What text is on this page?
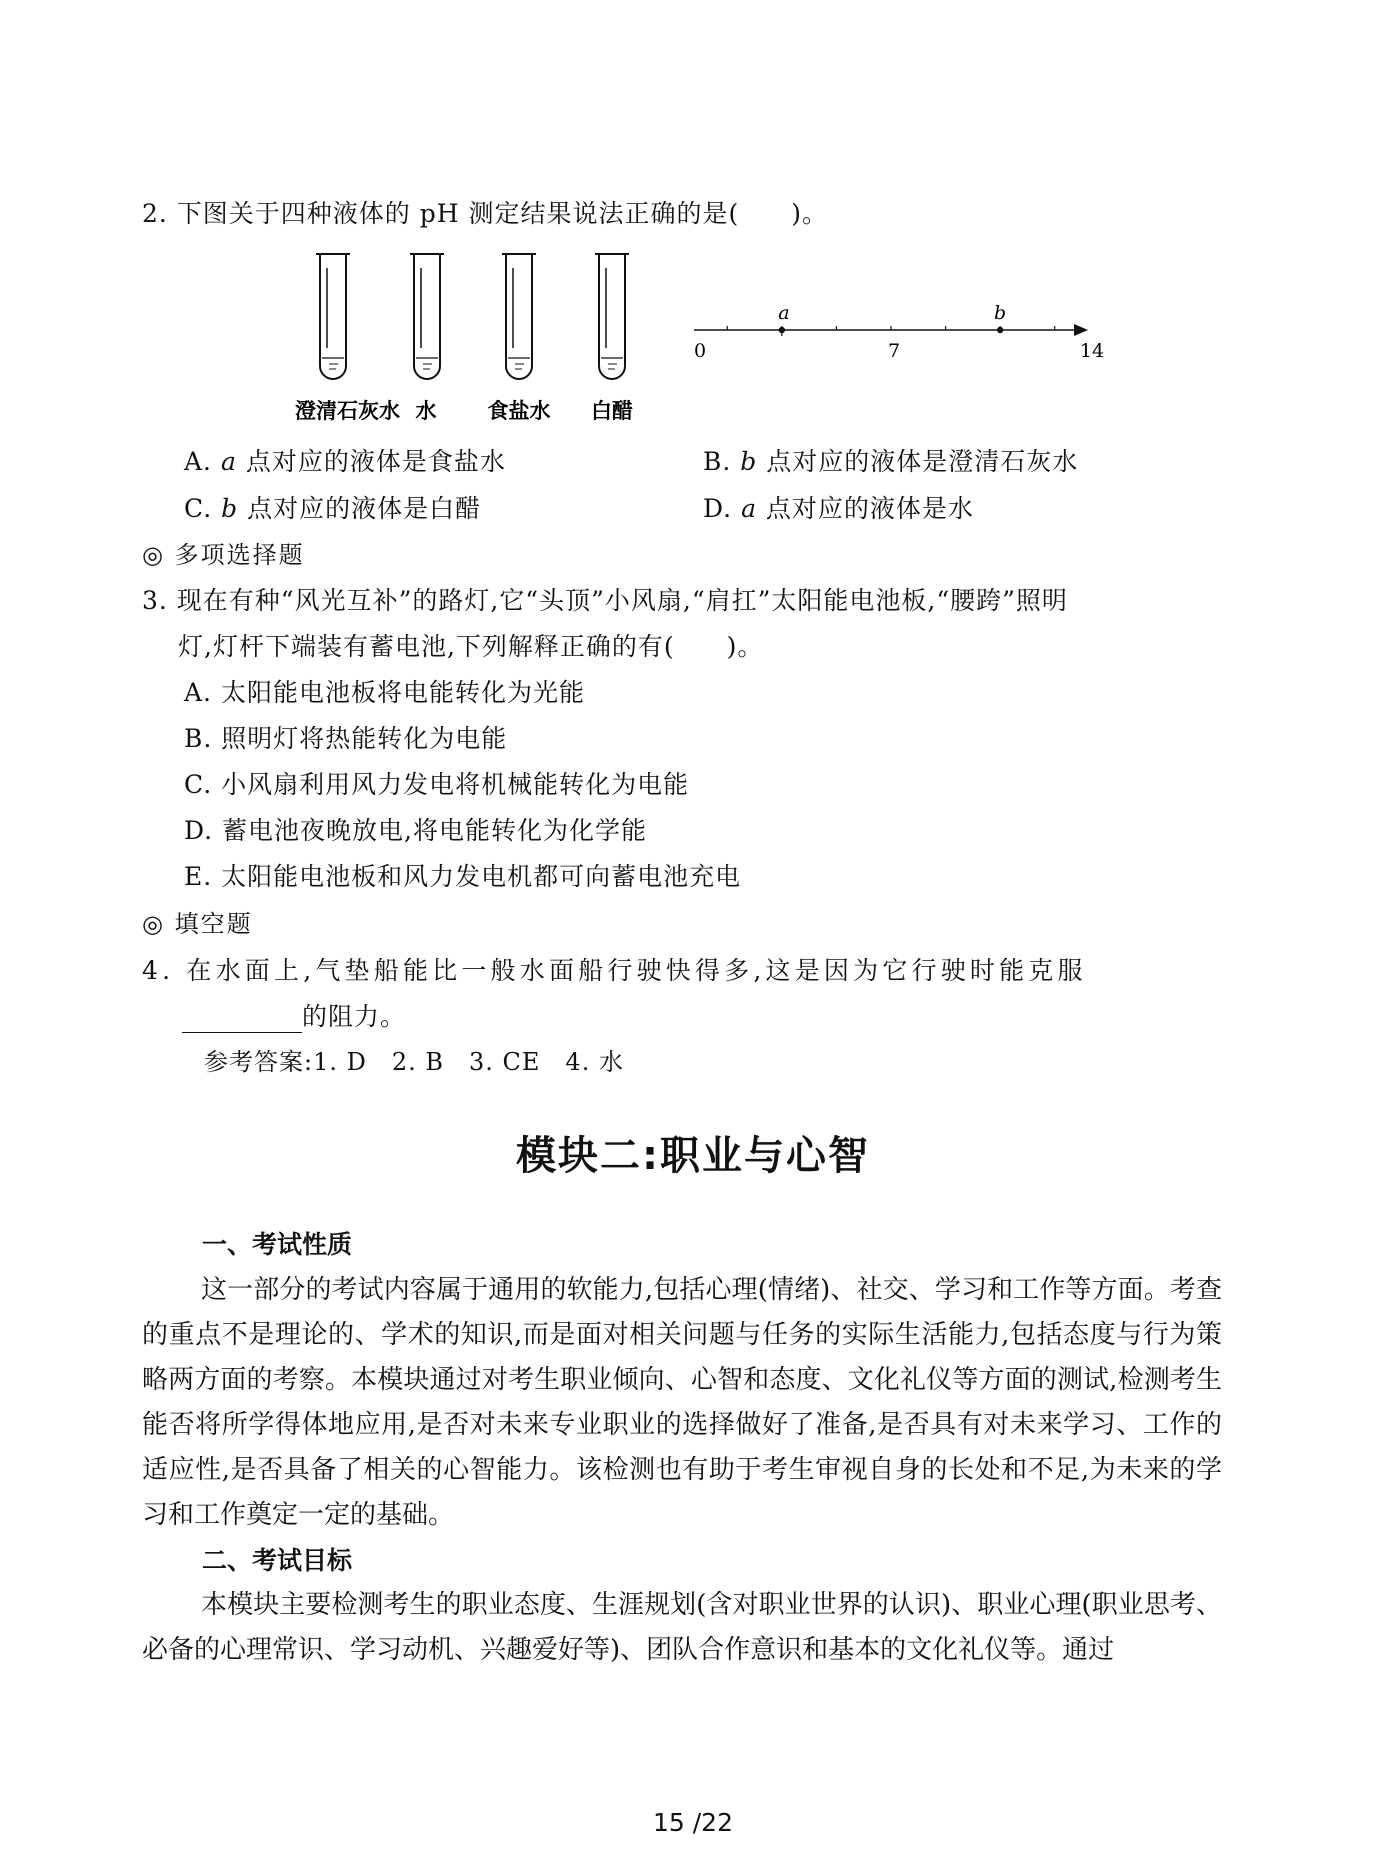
2. 下图关于四种液体的 pH 测定结果说法正确的是(　　)。
澄清石灰水 水 食盐水 白醋
a	b
0	7	14
A. a 点对应的液体是食盐水	B. b 点对应的液体是澄清石灰水
C. b 点对应的液体是白醋	D. a 点对应的液体是水
◎ 多项选择题
3. 现在有种“风光互补”的路灯,它“头顶”小风扇,“肩扛”太阳能电池板,“腰跨”照明
灯,灯杆下端装有蓄电池,下列解释正确的有(　　)。
A. 太阳能电池板将电能转化为光能
B. 照明灯将热能转化为电能
C. 小风扇利用风力发电将机械能转化为电能
D. 蓄电池夜晚放电,将电能转化为化学能
E. 太阳能电池板和风力发电机都可向蓄电池充电
◎ 填空题
4. 在水面上,气垫船能比一般水面船行驶快得多,这是因为它行驶时能克服
的阻力。
参考答案:1. D　2. B　3. CE　4. 水
模块二:职业与心智

一、考试性质

这一部分的考试内容属于通用的软能力,包括心理(情绪)、社交、学习和工作等方面。考查的重点不是理论的、学术的知识,而是面对相关问题与任务的实际生活能力,包括态度与行为策略两方面的考察。本模块通过对考生职业倾向、心智和态度、文化礼仪等方面的测试,检测考生能否将所学得体地应用,是否对未来专业职业的选择做好了准备,是否具有对未来学习、工作的适应性,是否具备了相关的心智能力。该检测也有助于考生审视自身的长处和不足,为未来的学习和工作奠定一定的基础。

二、考试目标

本模块主要检测考生的职业态度、生涯规划(含对职业世界的认识)、职业心理(职业思考、必备的心理常识、学习动机、兴趣爱好等)、团队合作意识和基本的文化礼仪等。通过

15 /22
